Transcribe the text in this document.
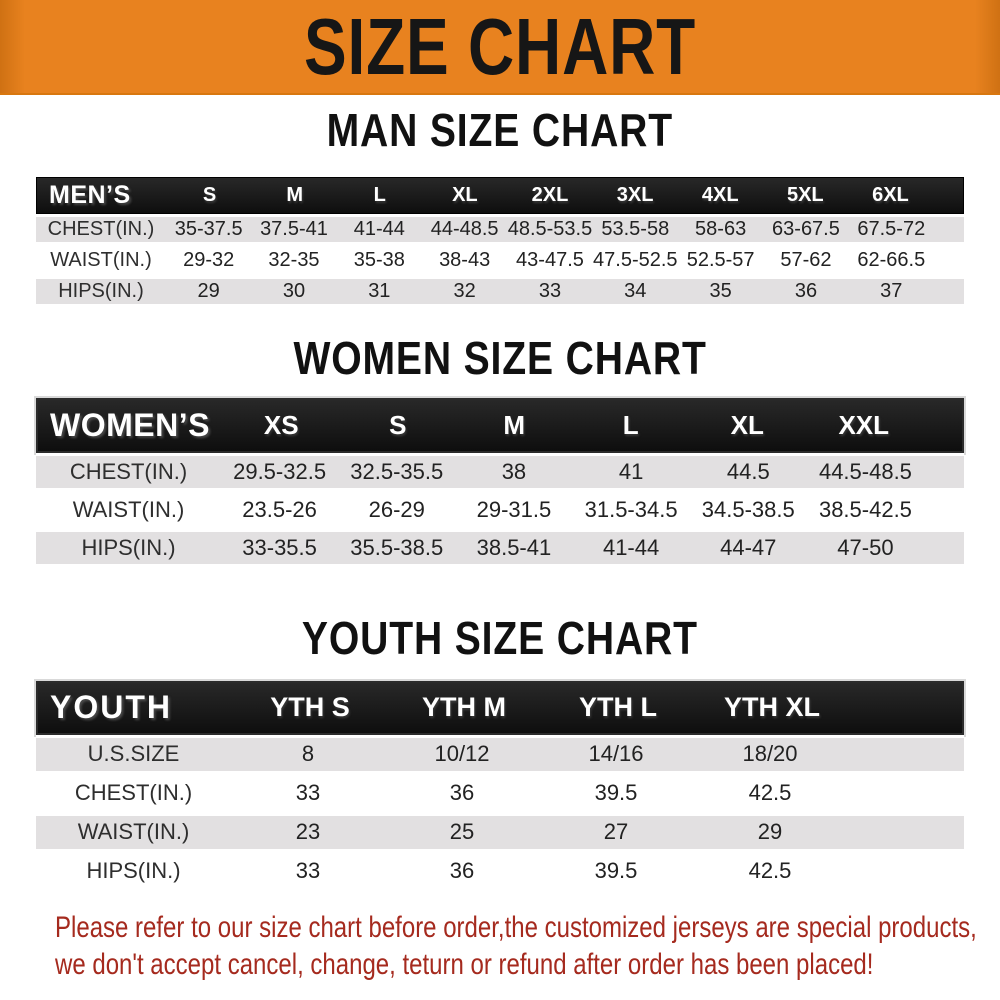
SIZE CHART
MAN SIZE CHART
MEN’S	S	M	L	XL	2XL	3XL	4XL	5XL	6XL
CHEST(IN.)	35-37.5 37.5-41	41-44	44-48.5 48.5-53.5 53.5-58	58-63	63-67.5 67.5-72
WAIST(IN.)	29-32	32-35	35-38	38-43	43-47.5 47.5-52.5 52.5-57	57-62	62-66.5
HIPS(IN.)	29	30	31	32	33	34	35	36	37
WOMEN SIZE CHART
WOMEN’S	XS	S	M	L	XL	XXL
CHEST(IN.)	29.5-32.5	32.5-35.5	38	41	44.5	44.5-48.5
WAIST(IN.)	23.5-26	26-29	29-31.5	31.5-34.5	34.5-38.5	38.5-42.5
HIPS(IN.)	33-35.5	35.5-38.5	38.5-41	41-44	44-47	47-50
YOUTH SIZE CHART
YOUTH	YTH S	YTH M	YTH L	YTH XL
U.S.SIZE	8	10/12	14/16	18/20
CHEST(IN.)	33	36	39.5	42.5
WAIST(IN.)	23	25	27	29
HIPS(IN.)	33	36	39.5	42.5
Please refer to our size chart before order,the customized jerseys are special products,
we don't accept cancel, change, teturn or refund after order has been placed!
